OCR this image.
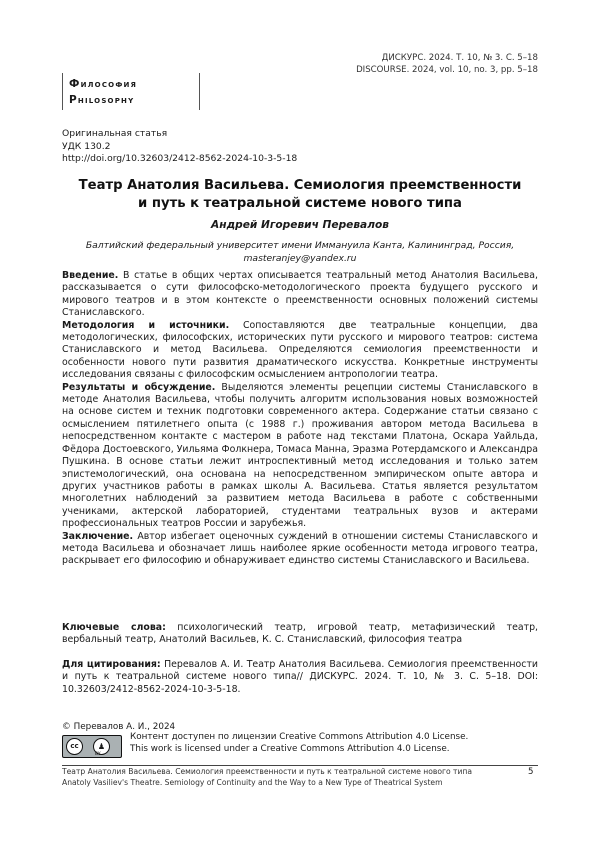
ДИСКУРС. 2024. Т. 10, № 3. С. 5–18
DISCOURSE. 2024, vol. 10, no. 3, pp. 5–18
Философия
Philosophy
Оригинальная статья
УДК 130.2
http://doi.org/10.32603/2412-8562-2024-10-3-5-18
Театр Анатолия Васильева. Семиология преемственности
и путь к театральной системе нового типа
Андрей Игоревич Перевалов
Балтийский федеральный университет имени Иммануила Канта, Калининград, Россия,
masteranjey@yandex.ru

Введение. В статье в общих чертах описывается театральный метод Анатолия Васильева, рассказывается о сути философско-методологического проекта будущего русского и мирового театров и в этом контексте о преемственности основных положений системы Станиславского.

Методология и источники. Сопоставляются две театральные концепции, два методологических, философских, исторических пути русского и мирового театров: система Станиславского и метод Васильева. Определяются семиология преемственности и особенности нового пути развития драматического искусства. Конкретные инструменты исследования связаны с философским осмыслением антропологии театра.

Результаты и обсуждение. Выделяются элементы рецепции системы Станиславского в методе Анатолия Васильева, чтобы получить алгоритм использования новых возможностей на основе систем и техник подготовки современного актера. Содержание статьи связано с осмыслением пятилетнего опыта (с 1988 г.) проживания автором метода Васильева в непосредственном контакте с мастером в работе над текстами Платона, Оскара Уайльда, Фёдора Достоевского, Уильяма Фолкнера, Томаса Манна, Эразма Ротердамского и Александра Пушкина. В основе статьи лежит интроспективный метод исследования и только затем эпистемологический, она основана на непосредственном эмпирическом опыте автора и других участников работы в рамках школы А. Васильева. Статья является результатом многолетних наблюдений за развитием метода Васильева в работе с собственными учениками, актерской лабораторией, студентами театральных вузов и актерами профессиональных театров России и зарубежья.

Заключение. Автор избегает оценочных суждений в отношении системы Станиславского и метода Васильева и обозначает лишь наиболее яркие особенности метода игрового театра, раскрывает его философию и обнаруживает единство системы Станиславского и Васильева.

Ключевые слова: психологический театр, игровой театр, метафизический театр, вербальный театр, Анатолий Васильев, К. С. Станиславский, философия театра
Для цитирования: Перевалов А. И. Театр Анатолия Васильева. Семиология преемственности и путь к театральной системе нового типа// ДИСКУРС. 2024. Т. 10, № 3. С. 5–18. DOI: 10.32603/2412-8562-2024-10-3-5-18.
© Перевалов А. И., 2024
cc	♟
BY
Контент доступен по лицензии Creative Commons Attribution 4.0 License.
This work is licensed under a Creative Commons Attribution 4.0 License.
Театр Анатолия Васильева. Семиология преемственности и путь к театральной системе нового типа
Anatoly Vasiliev's Theatre. Semiology of Continuity and the Way to a New Type of Theatrical System
5
